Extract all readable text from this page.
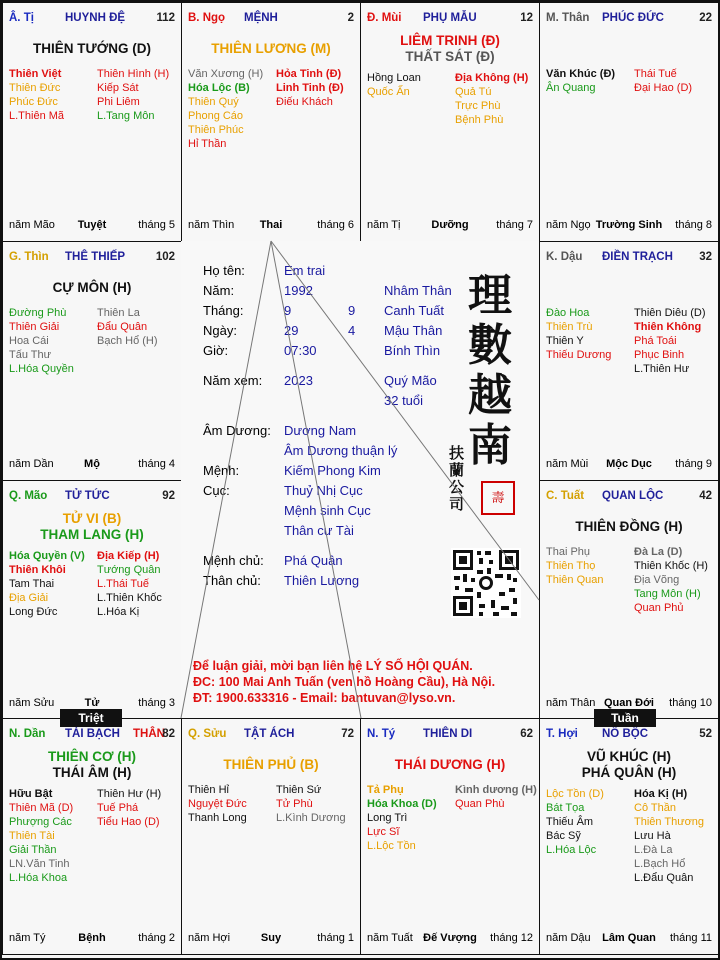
Â. Tị	HUYNH ĐỆ	112
THIÊN TƯỚNG (D)
Thiên Việt
Thiên Đức
Phúc Đức
L.Thiên Mã
Thiên Hình (H)
Kiếp Sát
Phi Liêm
L.Tang Môn
năm Mão	Tuyệt	tháng 5
B. Ngọ MỆNH	2
THIÊN LƯƠNG (M)
Văn Xương (H)
Hóa Lộc (B)
Thiên Quý
Phong Cáo
Thiên Phúc
Hỉ Thần
Hỏa Tinh (Đ)
Linh Tinh (Đ)
Điếu Khách
năm Thìn	Thai	tháng 6
Đ. Mùi PHỤ MẪU	12
LIÊM TRINH (Đ)
THẤT SÁT (Đ)
Hồng Loan
Quốc Ấn
Địa Không (H)
Quả Tú
Trực Phù
Bệnh Phù
năm Tị	Dưỡng	tháng 7
M. Thân PHÚC ĐỨC	22
Văn Khúc (Đ)
Ân Quang
Thái Tuế
Đại Hao (D)
năm Ngọ Trường Sinh	tháng 8
G. Thìn THÊ THIẾP	102
CỰ MÔN (H)
Đường Phù
Thiên Giải
Hoa Cái
Tấu Thư
L.Hóa Quyền
Thiên La
Đẩu Quân
Bạch Hổ (H)
năm Dần	Mộ	tháng 4
K. Dậu ĐIỀN TRẠCH 32
Đào Hoa
Thiên Trù
Thiên Y
Thiếu Dương
Thiên Diêu (D)
Thiên Không
Phá Toái
Phục Binh
L.Thiên Hư
năm Mùi	Mộc Dục	tháng 9
Q. Mão TỬ TỨC	92
TỬ VI (B)
THAM LANG (H)
Hóa Quyền (V)
Thiên Khôi
Tam Thai
Địa Giải
Long Đức
Địa Kiếp (H)
Tướng Quân
L.Thái Tuế
L.Thiên Khốc
L.Hóa Kị
năm Sửu	Tử	tháng 3
C. Tuất QUAN LỘC	42
THIÊN ĐỒNG (H)
Thai Phụ
Thiên Thọ
Thiên Quan
Đà La (D)
Thiên Khốc (H)
Địa Võng
Tang Môn (H)
Quan Phủ
năm Thân Quan Đới	tháng 10
N. Dần TÀI BẠCH THÂN
82
THIÊN CƠ (H)
THÁI ÂM (H)
Hữu Bật
Thiên Mã (D)
Phượng Các
Thiên Tài
Giải Thần
LN.Văn Tinh
L.Hóa Khoa
Thiên Hư (H)
Tuế Phá
Tiểu Hao (D)
năm Tý	Bệnh	tháng 2
Q. Sửu TẬT ÁCH	72
THIÊN PHỦ (B)
Thiên Hỉ
Nguyệt Đức
Thanh Long
Thiên Sứ
Tử Phù
L.Kình Dương
năm Hợi	Suy	tháng 1
N. Tý THIÊN DI	62
THÁI DƯƠNG (H)
Tả Phụ
Hóa Khoa (D)
Long Trì
Lực Sĩ
L.Lộc Tồn
Kình dương (H)
Quan Phù
năm Tuất Đế Vượng	tháng 12
T. Hợi NÔ BỘC	52
VŨ KHÚC (H)
PHÁ QUÂN (H)
Lộc Tồn (D)
Bát Tọa
Thiếu Âm
Bác Sỹ
L.Hóa Lộc
Hóa Kị (H)
Cô Thần
Thiên Thương
Lưu Hà
L.Đà La
L.Bạch Hổ
L.Đẩu Quân
năm Dậu	Lâm Quan	tháng 11
Họ tên:	Em trai
Năm:	1992	Nhâm Thân
Tháng:	9	9 Canh Tuất
Ngày:	29	4 Mậu Thân
Giờ:	07:30	Bính Thìn
Năm xem: 2023	Quý Mão
32 tuổi
Âm Dương: Dương Nam
Âm Dương thuận lý
Mệnh:	Kiếm Phong Kim
Cục:	Thuỷ Nhị Cục
Mệnh sinh Cục
Thân cư Tài
Mệnh chủ: Phá Quân
Thân chủ: Thiên Lương
理
數
越
南
扶
蘭
公
司	壽
Để luận giải, mời bạn liên hệ LÝ SỐ HỘI QUÁN.
ĐC: 100 Mai Anh Tuấn (ven hồ Hoàng Cầu), Hà Nội.
ĐT: 1900.633316 - Email: bantuvan@lyso.vn.
Triệt	Tuần
